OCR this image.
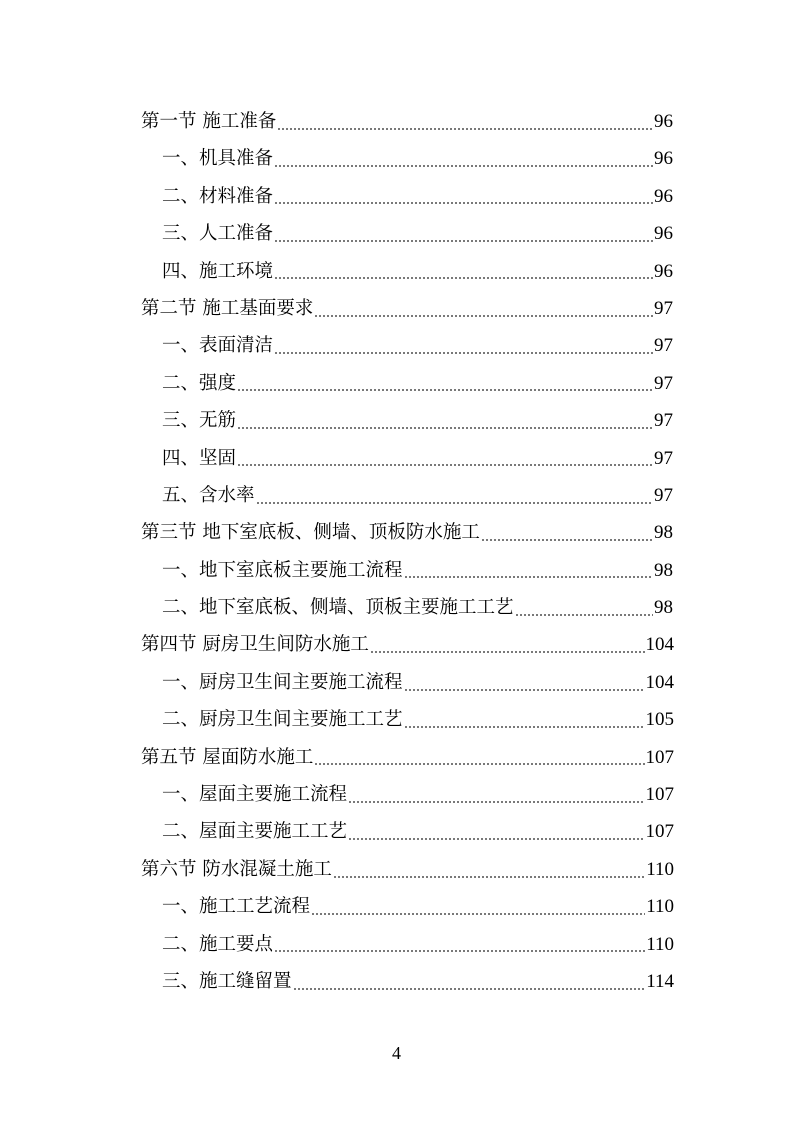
第一节 施工准备	96
一、机具准备	96
二、材料准备	96
三、人工准备	96
四、施工环境	96
第二节 施工基面要求	97
一、表面清洁	97
二、强度	97
三、无筋	97
四、坚固	97
五、含水率	97
第三节 地下室底板、侧墙、顶板防水施工	98
一、地下室底板主要施工流程	98
二、地下室底板、侧墙、顶板主要施工工艺	98
第四节 厨房卫生间防水施工	104
一、厨房卫生间主要施工流程	104
二、厨房卫生间主要施工工艺	105
第五节 屋面防水施工	107
一、屋面主要施工流程	107
二、屋面主要施工工艺	107
第六节 防水混凝土施工	110
一、施工工艺流程	110
二、施工要点	110
三、施工缝留置	114
4
